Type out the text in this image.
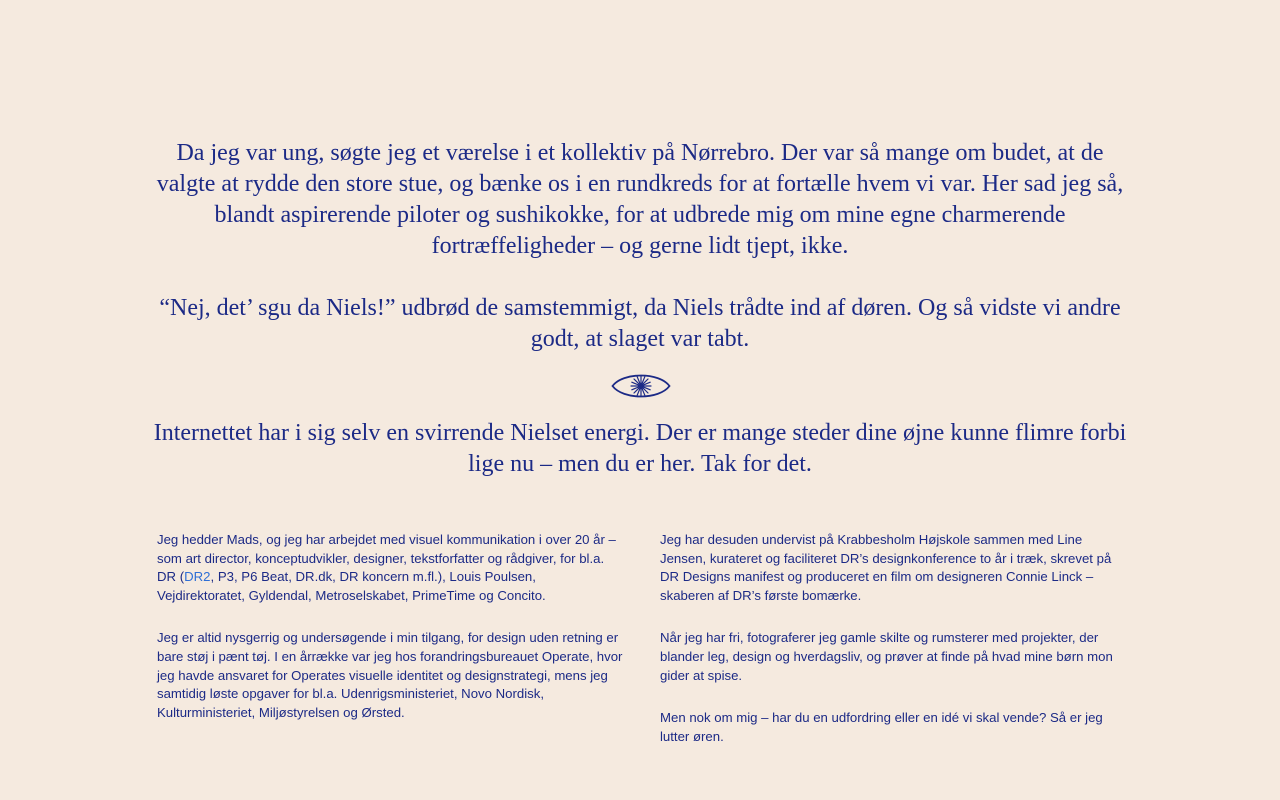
Da jeg var ung, søgte jeg et værelse i et kollektiv på Nørrebro. Der var så mange om budet, at de valgte at rydde den store stue, og bænke os i en rundkreds for at fortælle hvem vi var. Her sad jeg så, blandt aspirerende piloter og sushikokke, for at udbrede mig om mine egne charmerende fortræffeligheder – og gerne lidt tjept, ikke.

“Nej, det’ sgu da Niels!” udbrød de samstemmigt, da Niels trådte ind af døren. Og så vidste vi andre godt, at slaget var tabt.

Internettet har i sig selv en svirrende Nielset energi. Der er mange steder dine øjne kunne flimre forbi lige nu – men du er her. Tak for det.

Jeg hedder Mads, og jeg har arbejdet med visuel kommunikation i over 20 år – som art director, konceptudvikler, designer, tekstforfatter og rådgiver, for bl.a. DR (DR2, P3, P6 Beat, DR.dk, DR koncern m.fl.), Louis Poulsen, Vejdirektoratet, Gyldendal, Metroselskabet, PrimeTime og Concito.

Jeg er altid nysgerrig og undersøgende i min tilgang, for design uden retning er bare støj i pænt tøj. I en årrække var jeg hos forandringsbureauet Operate, hvor jeg havde ansvaret for Operates visuelle identitet og designstrategi, mens jeg samtidig løste opgaver for bl.a. Udenrigsministeriet, Novo Nordisk, Kulturministeriet, Miljøstyrelsen og Ørsted.

Jeg har desuden undervist på Krabbesholm Højskole sammen med Line Jensen, kurateret og faciliteret DR’s designkonference to år i træk, skrevet på DR Designs manifest og produceret en film om designeren Connie Linck – skaberen af DR’s første bomærke.

Når jeg har fri, fotograferer jeg gamle skilte og rumsterer med projekter, der blander leg, design og hverdagsliv, og prøver at finde på hvad mine børn mon gider at spise.

Men nok om mig – har du en udfordring eller en idé vi skal vende? Så er jeg lutter øren.
